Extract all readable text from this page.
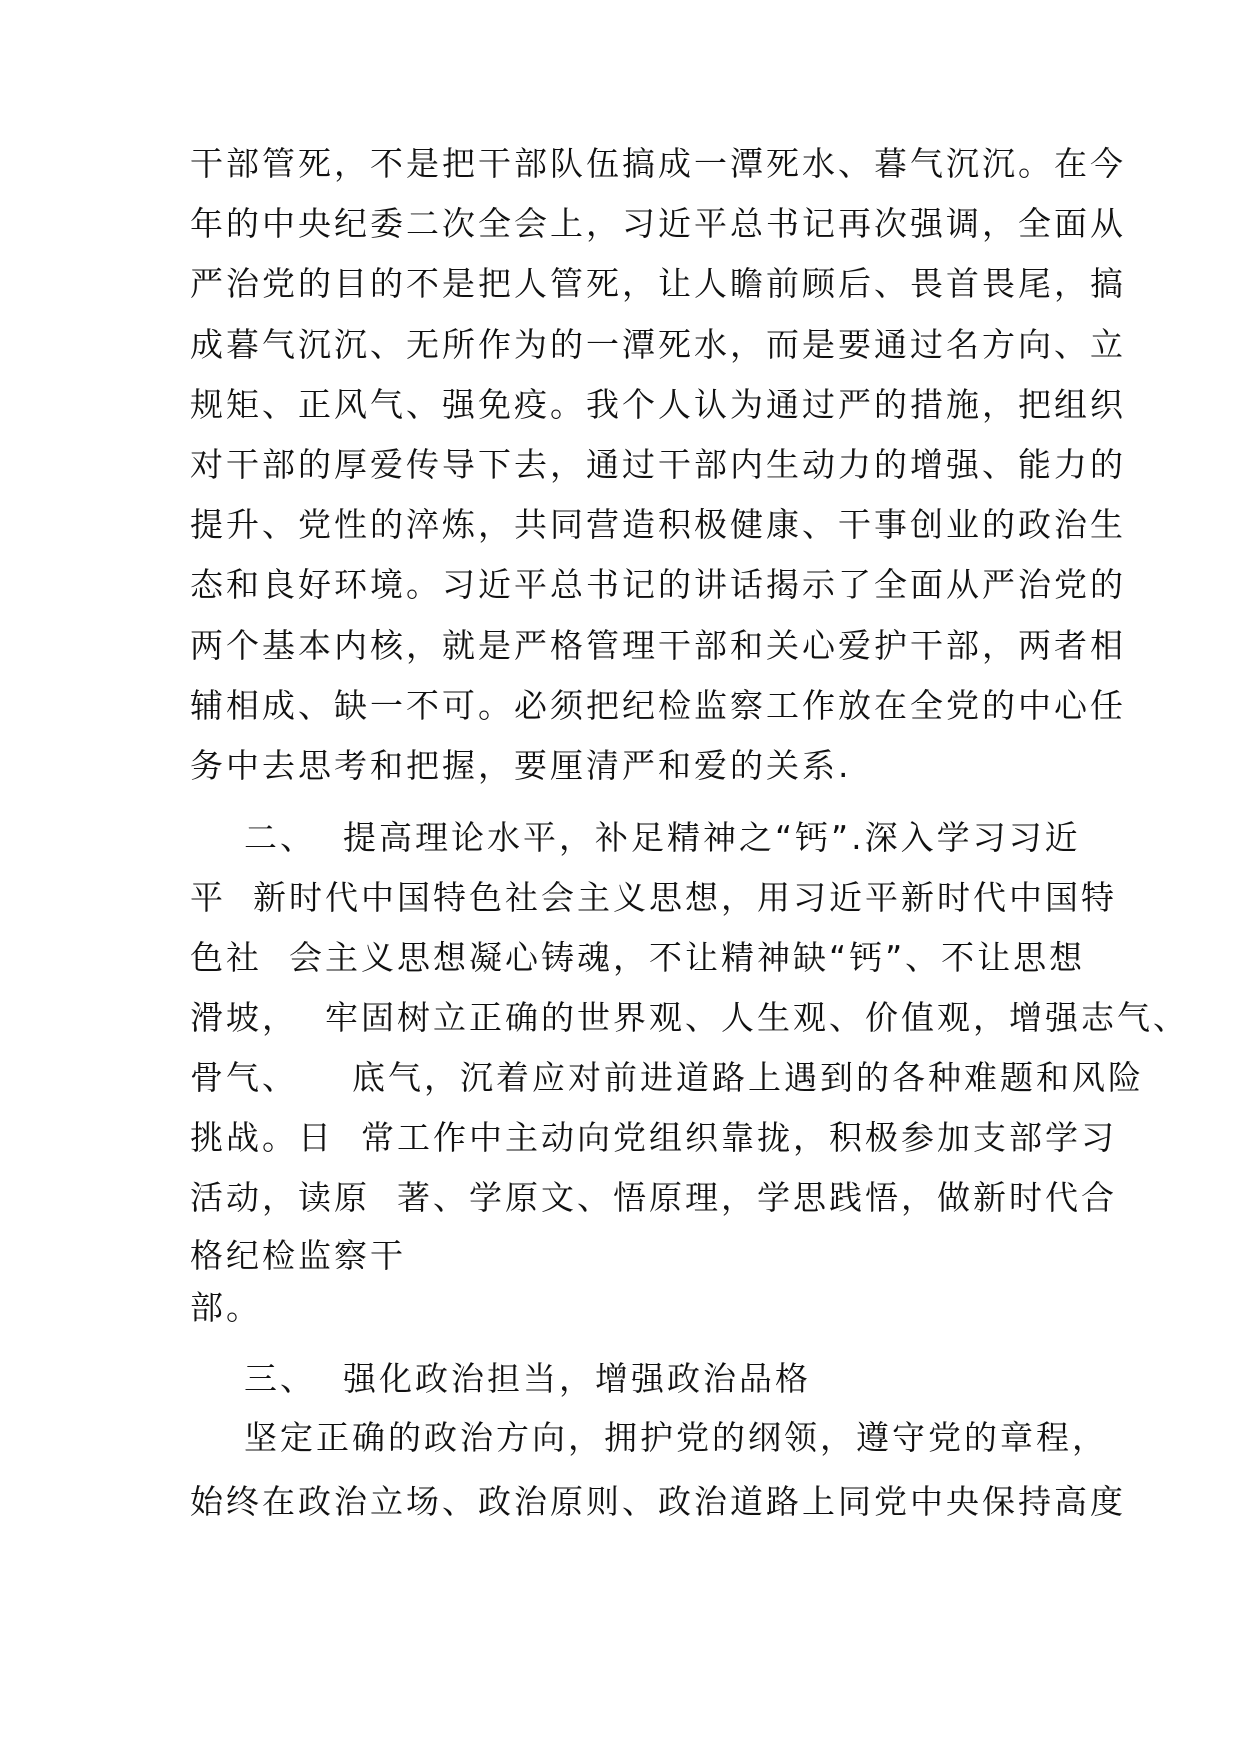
干部管死，不是把干部队伍搞成一潭死水、暮气沉沉。在今

年的中央纪委二次全会上，习近平总书记再次强调，全面从

严治党的目的不是把人管死，让人瞻前顾后、畏首畏尾，搞

成暮气沉沉、无所作为的一潭死水，而是要通过名方向、立

规矩、正风气、强免疫。我个人认为通过严的措施，把组织

对干部的厚爱传导下去，通过干部内生动力的增强、能力的

提升、党性的淬炼，共同营造积极健康、干事创业的政治生

态和良好环境。习近平总书记的讲话揭示了全面从严治党的

两个基本内核，就是严格管理干部和关心爱护干部，两者相

辅相成、缺一不可。必须把纪检监察工作放在全党的中心任

务中去思考和把握，要厘清严和爱的关系.

二、  提高理论水平，补足精神之“钙”.深入学习习近

平  新时代中国特色社会主义思想，用习近平新时代中国特

色社  会主义思想凝心铸魂，不让精神缺“钙”、不让思想

滑坡，  牢固树立正确的世界观、人生观、价值观，增强志气、

骨气、    底气，沉着应对前进道路上遇到的各种难题和风险

挑战。日  常工作中主动向党组织靠拢，积极参加支部学习

活动，读原  著、学原文、悟原理，学思践悟，做新时代合

格纪检监察干

部。

三、  强化政治担当，增强政治品格

坚定正确的政治方向，拥护党的纲领，遵守党的章程，

始终在政治立场、政治原则、政治道路上同党中央保持高度
